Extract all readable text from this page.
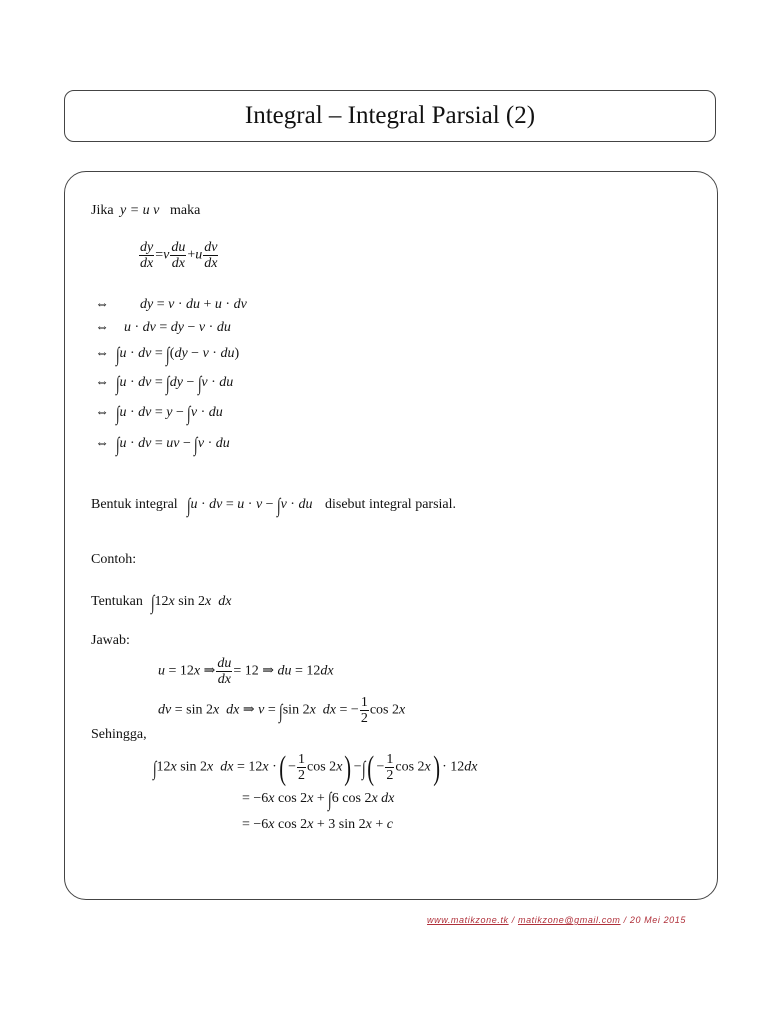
Integral – Integral Parsial (2)
Jika y = u v maka
$\frac{dy}{dx} =v \frac{du}{dx} +u \frac{dv}{dx}$
⇔ dy = v · du + u · dv
⇔ u · dv = dy − v · du
⇔ ∫u · dv = ∫(dy − v · du)
⇔ ∫u · dv = ∫dy − ∫v · du
⇔ ∫u · dv = y − ∫v · du
⇔ ∫u · dv = uv − ∫v · du
Bentuk integral ∫u · dv = u · v − ∫v · du disebut integral parsial.
Contoh:
Tentukan ∫12x sin 2x  dx
Jawab:
u = 12x ⇒ $\frac{du}{dx} = 12$ ⇒ du = 12dx
dv = sin 2x  dx ⇒ v = ∫sin 2x  dx = − $\frac{1}{2}$ cos 2x
Sehingga,
∫12x sin 2x  dx = 12x ·( − $\frac{1}{2}$ cos 2x) −∫( − $\frac{1}{2}$ cos 2x) · 12dx
= −6x cos 2x + ∫6 cos 2x dx
= −6x cos 2x + 3 sin 2x + c
www.matikzone.tk / matikzone@gmail.com / 20 Mei 2015
